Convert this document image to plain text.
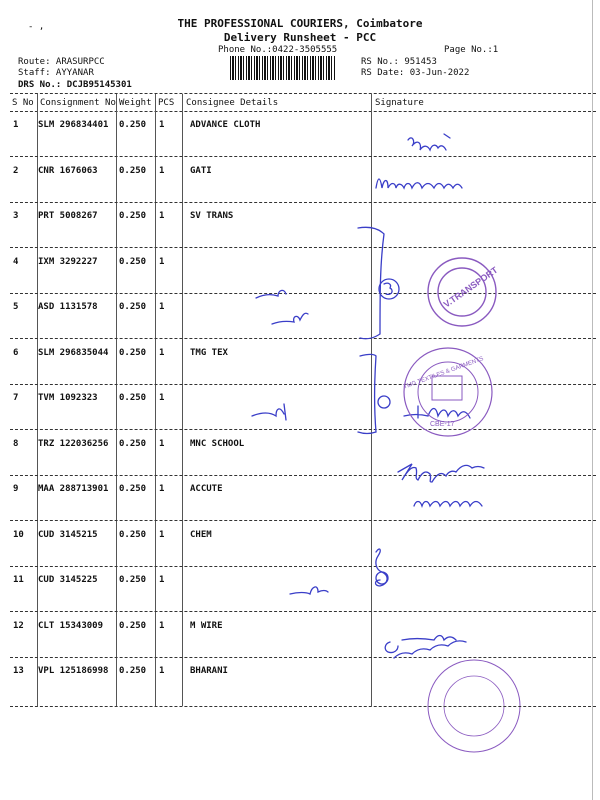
- ,	THE PROFESSIONAL COURIERS, Coimbatore
Delivery Runsheet - PCC
Phone No.:0422-3505555	Page No.:1
Route: ARASURPCC
Staff: AYYANAR
DRS No.: DCJB95145301
RS No.: 951453
RS Date: 03-Jun-2022
S No Consignment No Weight PCS Consignee Details	Signature
1 SLM 296834401 0.250 1	ADVANCE CLOTH
2 CNR 1676063 0.250 1	GATI
3 PRT 5008267 0.250 1	SV TRANS
4 IXM 3292227 0.250 1
5 ASD 1131578 0.250 1
6 SLM 296835044 0.250 1	TMG TEX
7 TVM 1092323 0.250 1
8 TRZ 122036256 0.250 1	MNC SCHOOL
9 MAA 288713901 0.250 1	ACCUTE
10 CUD 3145215 0.250 1	CHEM
11 CUD 3145225 0.250 1
12 CLT 15343009 0.250 1	M WIRE
13 VPL 125186998 0.250 1	BHARANI
V.TRANSPORT
TMG TEXTILES & GARMENTS
CBE-17
